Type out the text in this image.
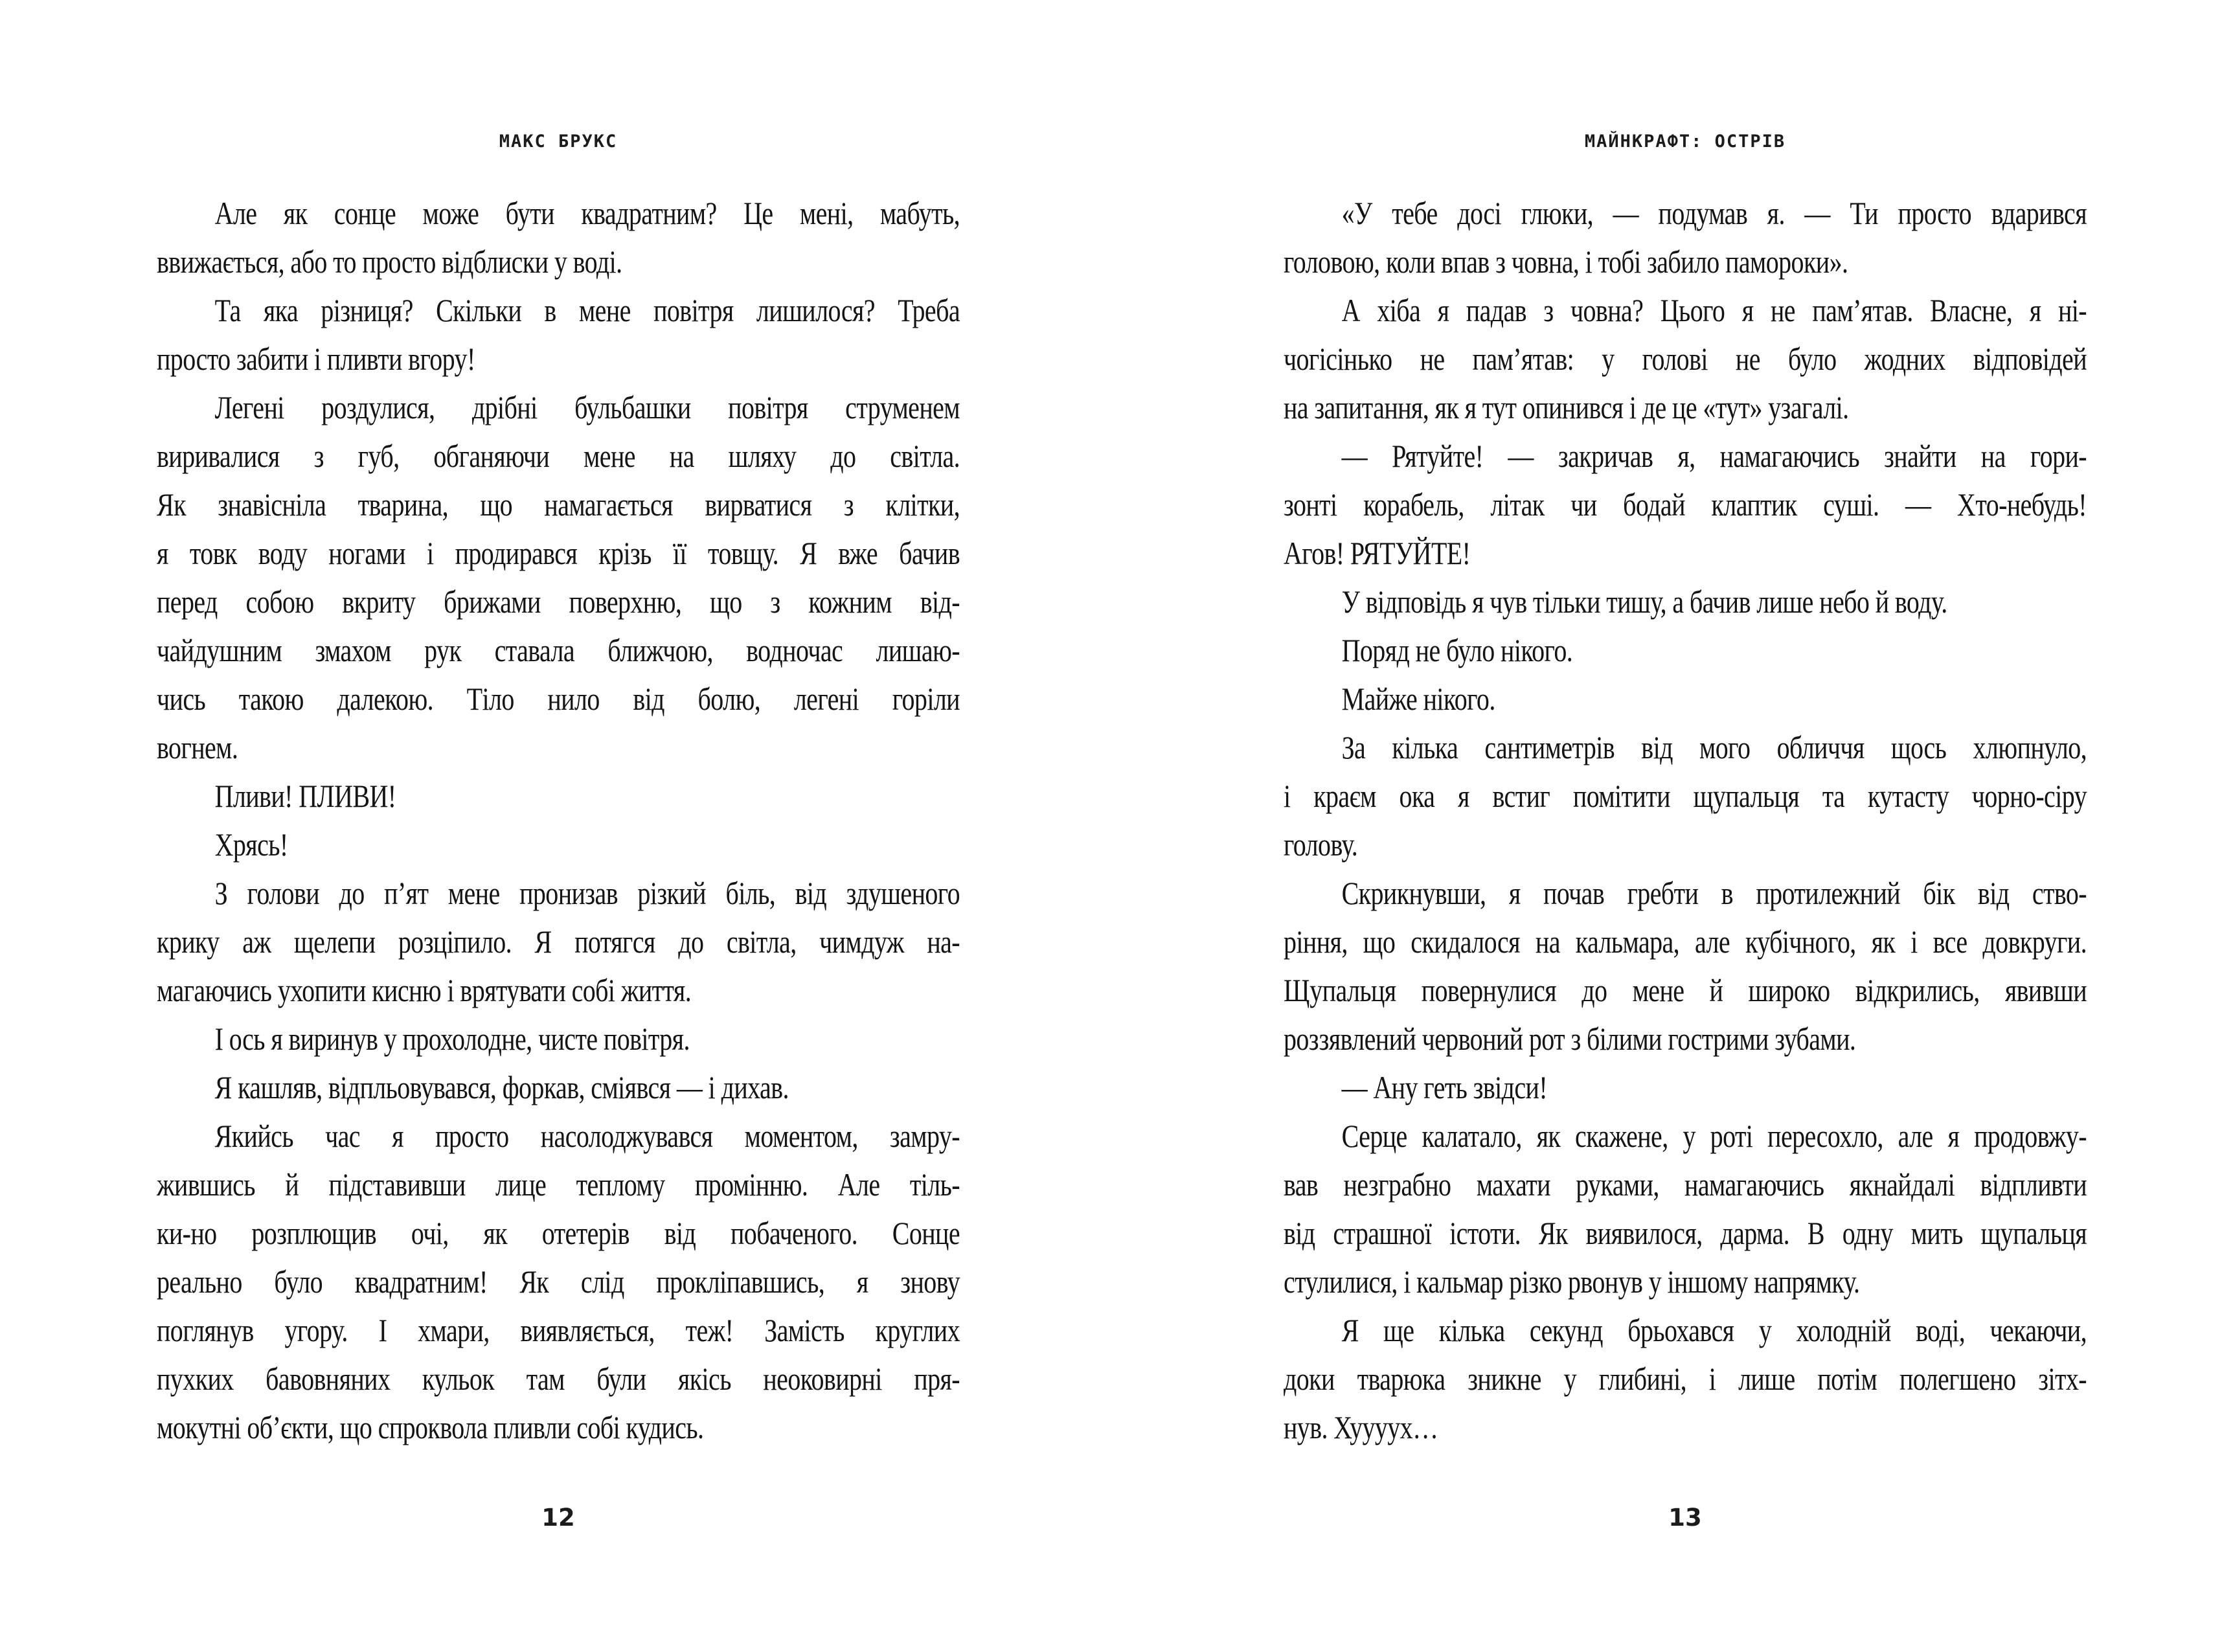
МАКС БРУКС
Але як сонце може бути квадратним? Це мені, мабуть,
ввижається, або то просто відблиски у воді.
Та яка різниця? Скільки в мене повітря лишилося? Треба
просто забити і пливти вгору!
Легені роздулися, дрібні бульбашки повітря струменем
виривалися з губ, обганяючи мене на шляху до світла.
Як знавісніла тварина, що намагається вирватися з клітки,
я товк воду ногами і продирався крізь її товщу. Я вже бачив
перед собою вкриту брижами поверхню, що з кожним від-
чайдушним змахом рук ставала ближчою, водночас лишаю-
чись такою далекою. Тіло нило від болю, легені горіли
вогнем.
Пливи! ПЛИВИ!
Хрясь!
З голови до п’ят мене пронизав різкий біль, від здушеного
крику аж щелепи розціпило. Я потягся до світла, чимдуж на-
магаючись ухопити кисню і врятувати собі життя.
І ось я виринув у прохолодне, чисте повітря.
Я кашляв, відпльовувався, форкав, сміявся — і дихав.
Якийсь час я просто насолоджувався моментом, замру-
жившись й підставивши лице теплому промінню. Але тіль-
ки-но розплющив очі, як отетерів від побаченого. Сонце
реально було квадратним! Як слід прокліпавшись, я знову
поглянув угору. І хмари, виявляється, теж! Замість круглих
пухких бавовняних кульок там були якісь неоковирні пря-
мокутні об’єкти, що спроквола пливли собі кудись.
12
МАЙНКРАФТ: ОСТРІВ
«У тебе досі глюки, — подумав я. — Ти просто вдарився
головою, коли впав з човна, і тобі забило памороки».
А хіба я падав з човна? Цього я не пам’ятав. Власне, я ні-
чогісінько не пам’ятав: у голові не було жодних відповідей
на запитання, як я тут опинився і де це «тут» узагалі.
— Рятуйте! — закричав я, намагаючись знайти на гори-
зонті корабель, літак чи бодай клаптик суші. — Хто-небудь!
Агов! РЯТУЙТЕ!
У відповідь я чув тільки тишу, а бачив лише небо й воду.
Поряд не було нікого.
Майже нікого.
За кілька сантиметрів від мого обличчя щось хлюпнуло,
і краєм ока я встиг помітити щупальця та кутасту чорно-сіру
голову.
Скрикнувши, я почав гребти в протилежний бік від ство-
ріння, що скидалося на кальмара, але кубічного, як і все довкруги.
Щупальця повернулися до мене й широко відкрились, явивши
роззявлений червоний рот з білими гострими зубами.
— Ану геть звідси!
Серце калатало, як скажене, у роті пересохло, але я продовжу-
вав незграбно махати руками, намагаючись якнайдалі відпливти
від страшної істоти. Як виявилося, дарма. В одну мить щупальця
стулилися, і кальмар різко рвонув у іншому напрямку.
Я ще кілька секунд брьохався у холодній воді, чекаючи,
доки тварюка зникне у глибині, і лише потім полегшено зітх-
нув. Хуууух…
13
